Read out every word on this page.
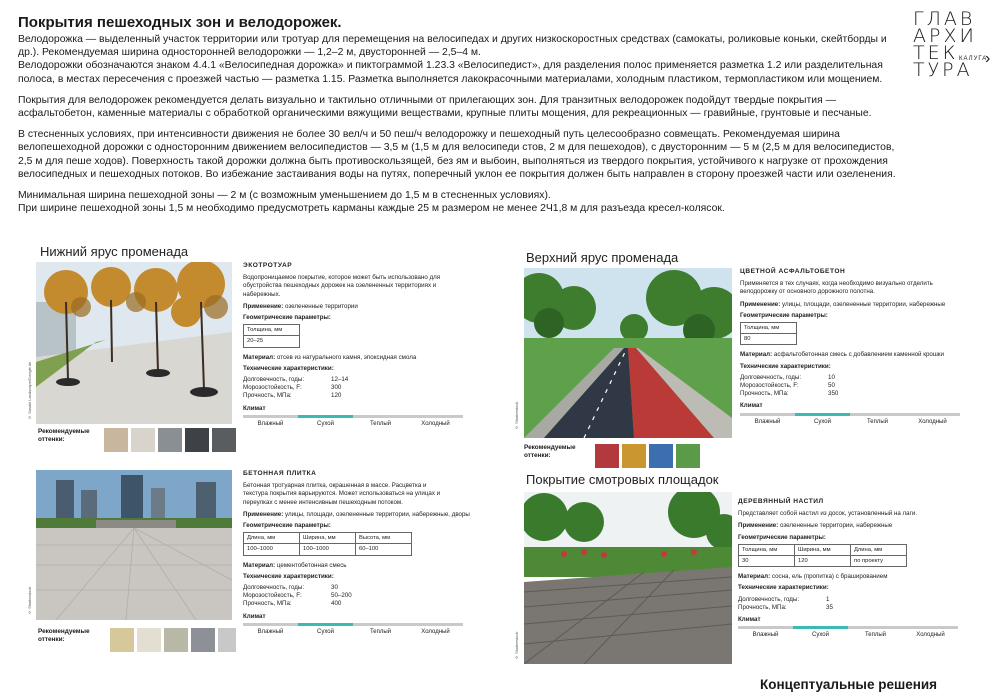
Покрытия пешеходных зон и велодорожек.

Велодорожка — выделенный участок территории или тротуар для перемещения на велосипедах и других низкоскоростных средствах (самокаты, роликовые коньки, скейтборды и др.). Рекомендуемая ширина односторонней велодорожки — 1,2–2 м, двусторонней — 2,5–4 м.

Велодорожки обозначаются знаком 4.4.1 «Велосипедная дорожка» и пиктограммой 1.23.3 «Велосипедист», для разделения полос применяется разметка 1.2 или разделительная полоса, в местах пересечения с проезжей частью — разметка 1.15. Разметка выполняется лакокрасочными материалами, холодным пластиком, термопластиком или мощением.

Покрытия для велодорожек рекомендуется делать визуально и тактильно отличными от прилегающих зон. Для транзитных велодорожек подойдут твердые покрытия — асфальтобетон, каменные материалы с обработкой органическими вяжущими веществами, крупные плиты мощения, для рекреационных — гравийные, грунтовые и песчаные.

В стесненных условиях, при интенсивности движения не более 30 вел/ч и 50 пеш/ч велодорожку и пешеходный путь целесообразно совмещать. Рекомендуемая ширина велопешеходной дорожки с односторонним движением велосипедистов — 3,5 м (1,5 м для велосипеди стов, 2 м для пешеходов), с двусторонним — 5 м (2,5 м для велосипедистов, 2,5 м для пеше ходов). Поверхность такой дорожки должна быть противоскользящей, без ям и выбоин, выполняться из твердого покрытия, устойчивого к нагрузке от прохождения велосипедных и пешеходных потоков. Во избежание застаивания воды на путях, поперечный уклон ее покрытия должен быть направлен в сторону проезжей части или озеленения.

Минимальная ширина пешеходной зоны — 2 м (с возможным уменьшением до 1,5 м в стесненных условиях).

При ширине пешеходной зоны 1,5 м необходимо предусмотреть карманы каждые 25 м размером не менее 2Ч1,8 м для разъезда кресел-колясок.

ГЛАВ
АРХИ
ТЕК
ТУРА
КАЛУГА
›
Нижний ярус променада
© Sasaki Landscape/Google.de
ЭКОТРОТУАР
Водопроницаемое покрытие, которое может быть использовано для обустройства пешеходных дорожек на озелененных территориях и набережных.
Применение: озелененные территории
Геометрические параметры:
Толщина, мм
20–25
Материал: отсев из натурального камня, эпоксидная смола
Технические характеристики:
Долговечность, годы:	12–14
Морозостойкость, F:	300
Прочность, МПа:	120
Климат
Влажный	Сухой	Теплый	Холодный
Рекомендуемые оттенки:
© Shutterstock
БЕТОННАЯ ПЛИТКА
Бетонная тротуарная плитка, окрашенная в массе. Расцветка и текстура покрытия варьируются. Может использоваться на улицах и переулках с менее интенсивным пешеходным потоком.
Применение: улицы, площади, озелененные территории, набережные, дворы
Геометрические параметры:
Длина, мм	Ширина, мм	Высота, мм
100–1000	100–1000	60–100
Материал: цементобетонная смесь
Технические характеристики:
Долговечность, годы:	30
Морозостойкость, F:	50–200
Прочность, МПа:	400
Климат
Влажный	Сухой	Теплый	Холодный
Рекомендуемые оттенки:
Верхний ярус променада
© Shutterstock
ЦВЕТНОЙ АСФАЛЬТОБЕТОН
Применяется в тех случаях, когда необходимо визуально отделить велодорожку от основного дорожного полотна.
Применение: улицы, площади, озелененные территории, набережные
Геометрические параметры:
Толщина, мм
80
Материал: асфальтобетонная смесь с добавлением каменной крошки
Технические характеристики:
Долговечность, годы:	10
Морозостойкость, F:	50
Прочность, МПа:	350
Климат
Влажный	Сухой	Теплый	Холодный
Рекомендуемые оттенки:
Покрытие смотровых площадок
© Shutterstock
ДЕРЕВЯННЫЙ НАСТИЛ
Представляет собой настил из досок, установленный на лаги.
Применение: озелененные территории, набережные
Геометрические параметры:
Толщина, мм	Ширина, мм	Длина, мм
30	120	по проекту
Материал: сосна, ель (пропитка) с брашированием
Технические характеристики:
Долговечность, годы:	1
Прочность, МПа:	35
Климат
Влажный	Сухой	Теплый	Холодный
Концептуальные решения
